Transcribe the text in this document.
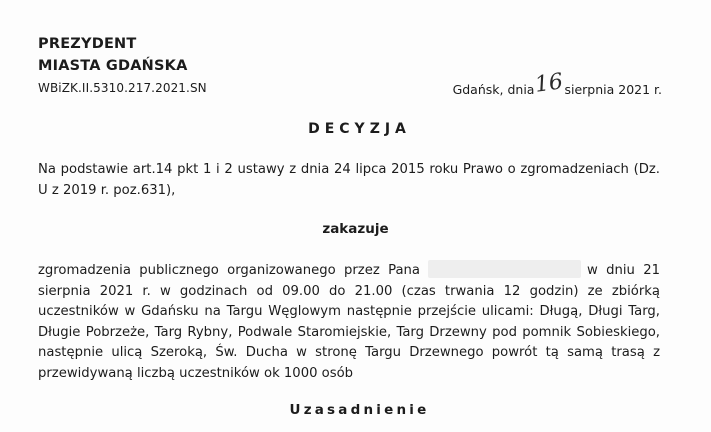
PREZYDENT
MIASTA GDAŃSKA
WBiZK.II.5310.217.2021.SN	Gdańsk, dnia16sierpnia 2021 r.
DECYZJA
Na podstawie art.14 pkt 1 i 2 ustawy z dnia 24 lipca 2015 roku Prawo o zgromadzeniach (Dz. U z 2019 r. poz.631),
zakazuje
zgromadzenia publicznego organizowanego przez Pana	w dniu 21 sierpnia 2021 r. w godzinach od 09.00 do 21.00 (czas trwania 12 godzin) ze zbiórką uczestników w Gdańsku na Targu Węglowym następnie przejście ulicami: Długą, Długi Targ, Długie Pobrzeże, Targ Rybny, Podwale Staromiejskie, Targ Drzewny pod pomnik Sobieskiego, następnie ulicą Szeroką, Św. Ducha w stronę Targu Drzewnego powrót tą samą trasą z przewidywaną liczbą uczestników ok 1000 osób
Uzasadnienie
